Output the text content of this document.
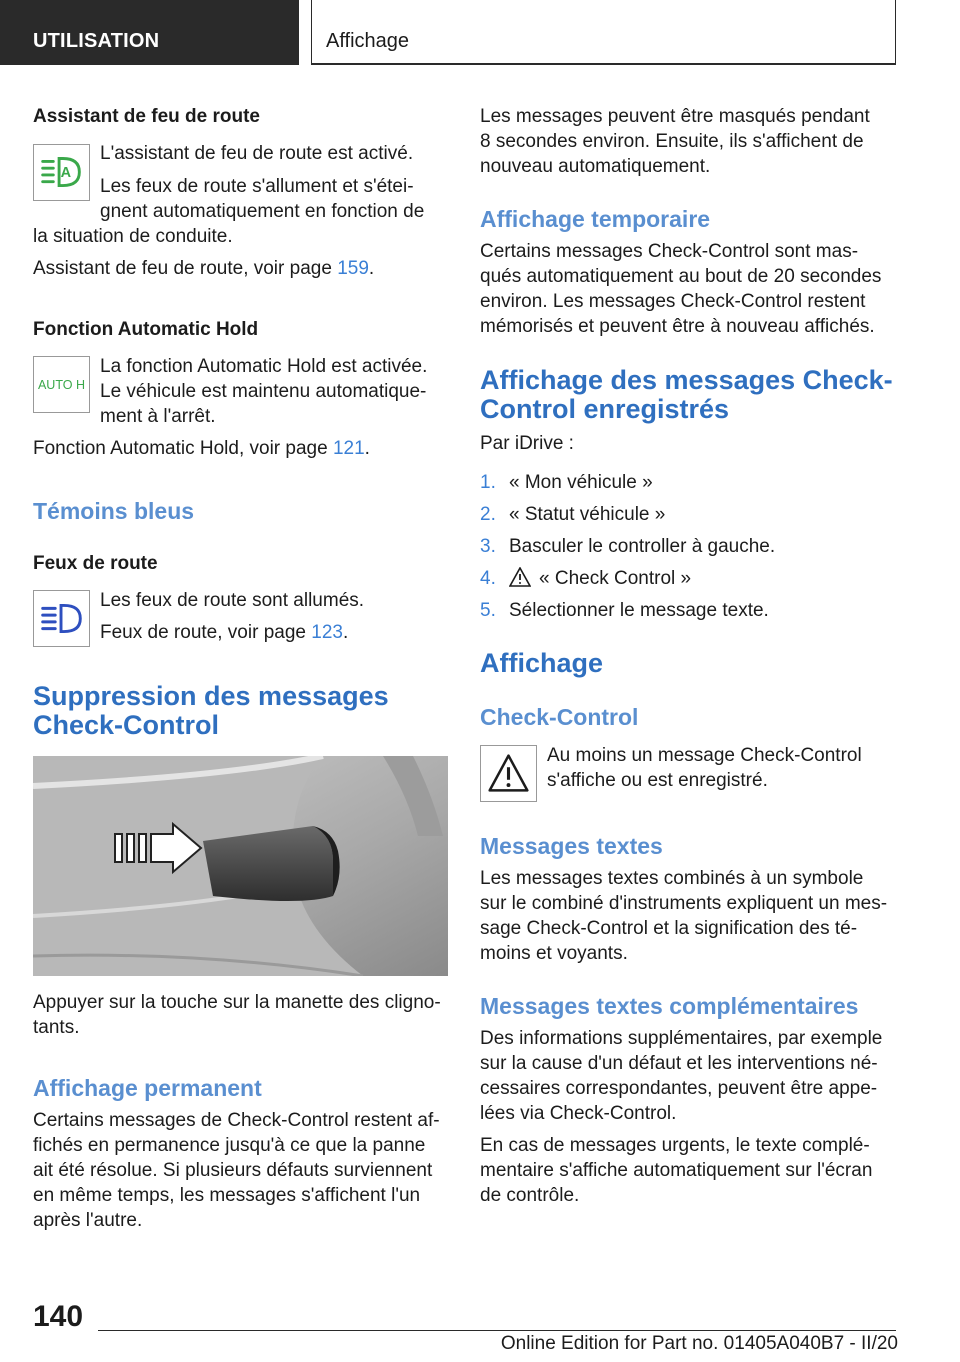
UTILISATION	Affichage
Assistant de feu de route
A
L'assistant de feu de route est activé.
Les feux de route s'allument et s'étei-
gnent automatiquement en fonction de
la situation de conduite.
Assistant de feu de route, voir page 159.
Fonction Automatic Hold
AUTO H
La fonction Automatic Hold est activée.
Le véhicule est maintenu automatique-
ment à l'arrêt.
Fonction Automatic Hold, voir page 121.
Témoins bleus
Feux de route
Les feux de route sont allumés.
Feux de route, voir page 123.
Suppression des messages
Check-Control
Appuyer sur la touche sur la manette des cligno-
tants.
Affichage permanent
Certains messages de Check-Control restent af-
fichés en permanence jusqu'à ce que la panne
ait été résolue. Si plusieurs défauts surviennent
en même temps, les messages s'affichent l'un
après l'autre.
Les messages peuvent être masqués pendant
8 secondes environ. Ensuite, ils s'affichent de
nouveau automatiquement.
Affichage temporaire
Certains messages Check-Control sont mas-
qués automatiquement au bout de 20 secondes
environ. Les messages Check-Control restent
mémorisés et peuvent être à nouveau affichés.
Affichage des messages Check-
Control enregistrés
Par iDrive :
1. « Mon véhicule »
2. « Statut véhicule »
3. Basculer le controller à gauche.
4.	« Check Control »
5. Sélectionner le message texte.
Affichage
Check-Control
Au moins un message Check-Control
s'affiche ou est enregistré.
Messages textes
Les messages textes combinés à un symbole
sur le combiné d'instruments expliquent un mes-
sage Check-Control et la signification des té-
moins et voyants.
Messages textes complémentaires
Des informations supplémentaires, par exemple
sur la cause d'un défaut et les interventions né-
cessaires correspondantes, peuvent être appe-
lées via Check-Control.
En cas de messages urgents, le texte complé-
mentaire s'affiche automatiquement sur l'écran
de contrôle.
140
Online Edition for Part no. 01405A040B7 - II/20
